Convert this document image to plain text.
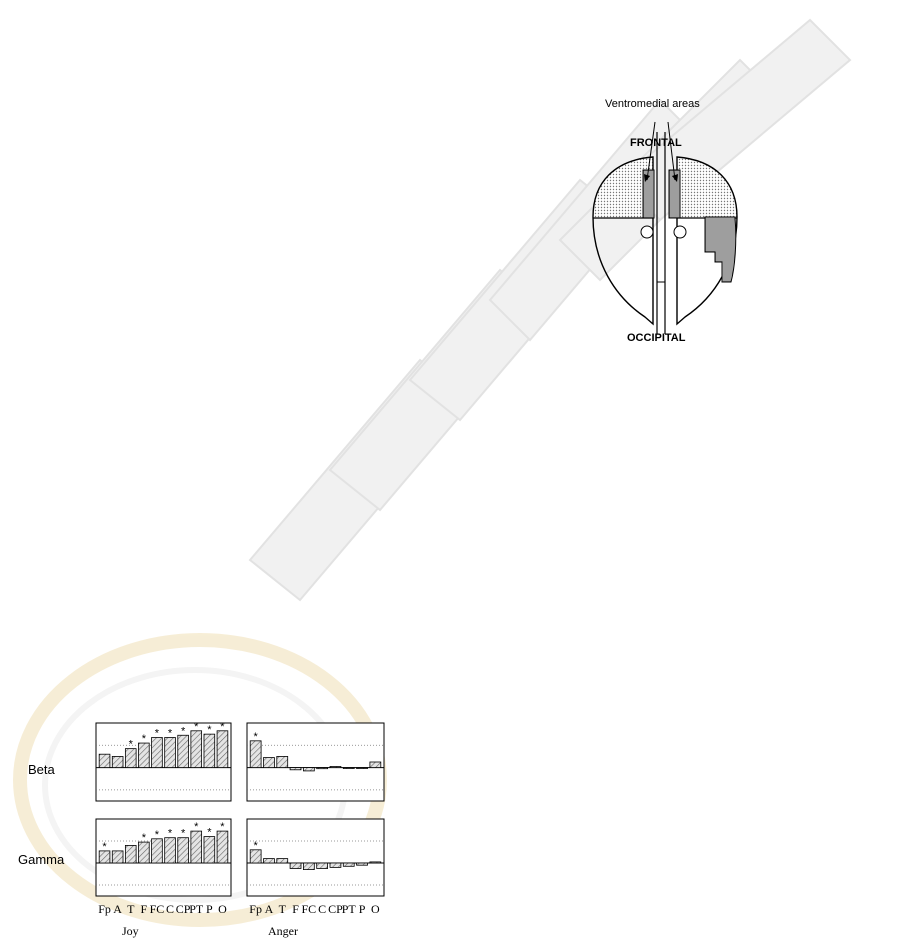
Ventromedial areas
FRONTAL
OCCIPITAL
Beta
Gamma
* * * * * * * *
*
*
* * * *
* * *
*
Fp A T F FC C CP
PT P O Fp A T F FC C CP
PT P O
Joy	Anger
